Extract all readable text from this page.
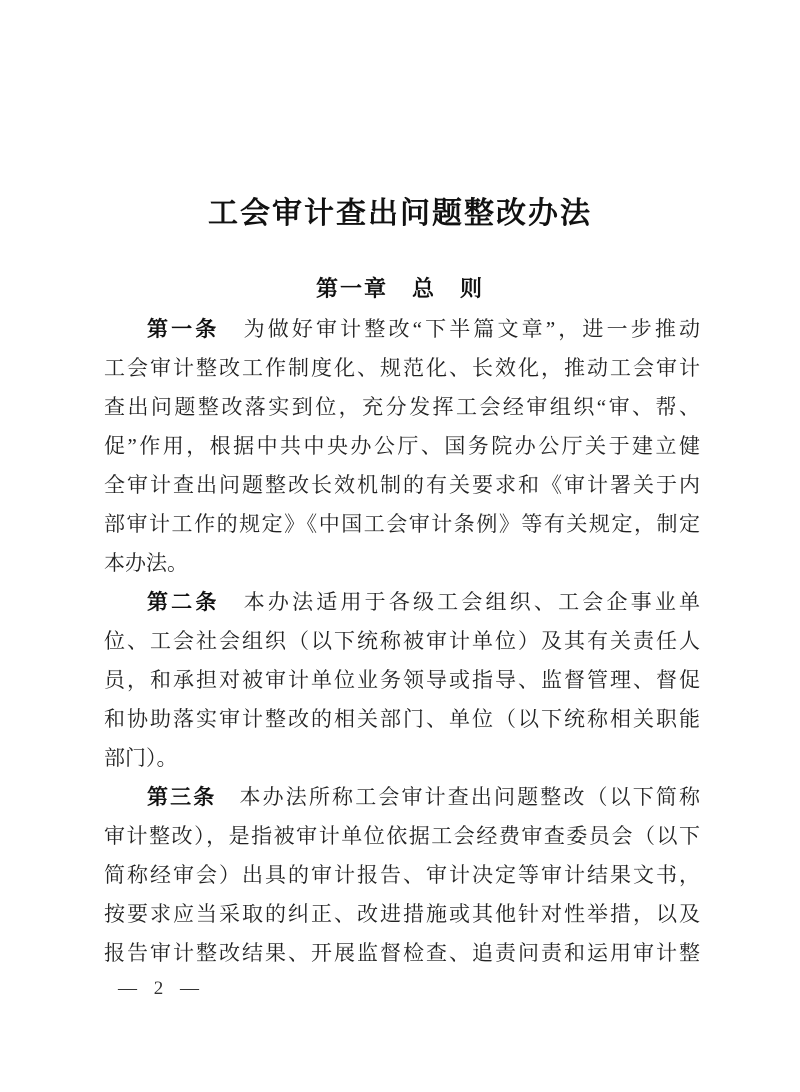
工会审计查出问题整改办法
第一章　总　则
第一条　为做好审计整改“下半篇文章”，进一步推动
工会审计整改工作制度化、规范化、长效化，推动工会审计
查出问题整改落实到位，充分发挥工会经审组织“审、帮、
促”作用，根据中共中央办公厅、国务院办公厅关于建立健
全审计查出问题整改长效机制的有关要求和《审计署关于内
部审计工作的规定》《中国工会审计条例》等有关规定，制定
本办法。
第二条　本办法适用于各级工会组织、工会企事业单
位、工会社会组织（以下统称被审计单位）及其有关责任人
员，和承担对被审计单位业务领导或指导、监督管理、督促
和协助落实审计整改的相关部门、单位（以下统称相关职能
部门）。
第三条　本办法所称工会审计查出问题整改（以下简称
审计整改），是指被审计单位依据工会经费审查委员会（以下
简称经审会）出具的审计报告、审计决定等审计结果文书，
按要求应当采取的纠正、改进措施或其他针对性举措，以及
报告审计整改结果、开展监督检查、追责问责和运用审计整
— 2 —
